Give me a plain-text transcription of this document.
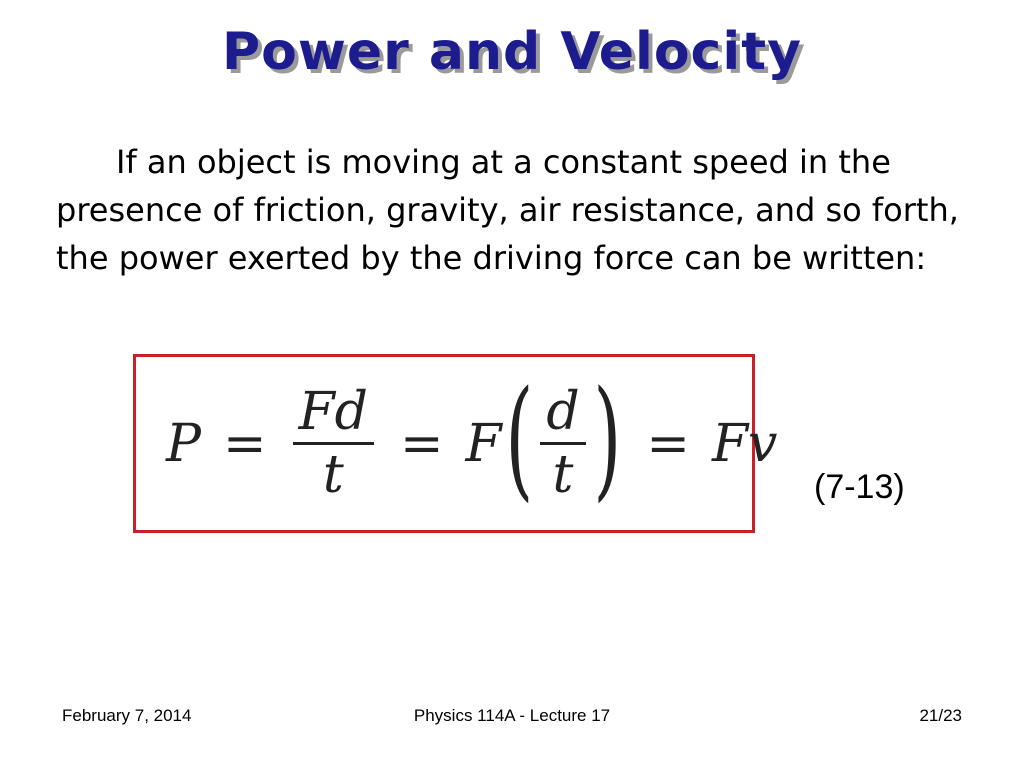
Power and Velocity
If an object is moving at a constant speed in the presence of friction, gravity, air resistance, and so forth, the power exerted by the driving force can be written:
$P = \frac{Fd}{t} = F$ ( $\frac{d}{t}$ ) = Fv
(7-13)
February 7, 2014	Physics 114A - Lecture 17	21/23
